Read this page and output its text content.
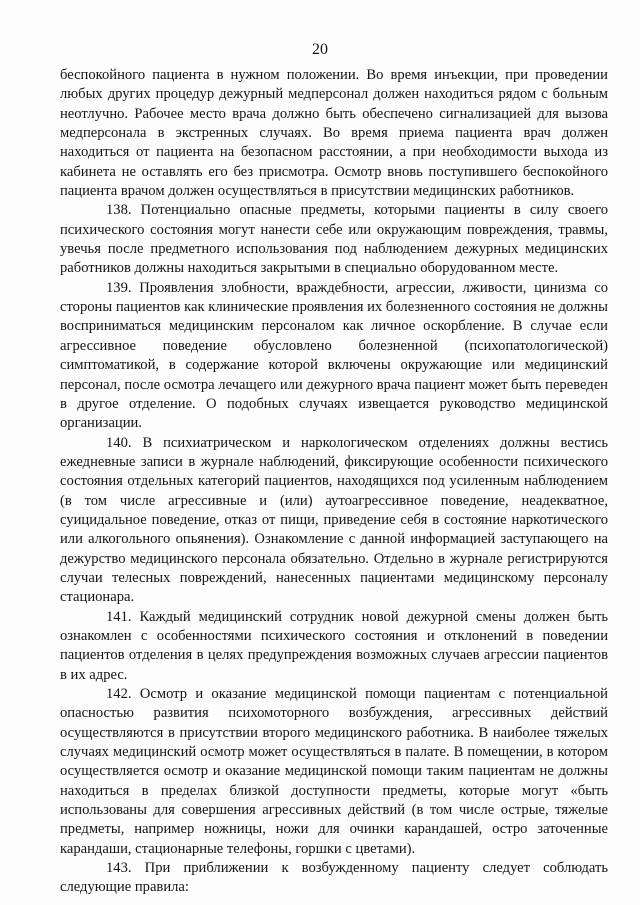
20

беспокойного пациента в нужном положении. Во время инъекции, при проведении любых других процедур дежурный медперсонал должен находиться рядом с больным неотлучно. Рабочее место врача должно быть обеспечено сигнализацией для вызова медперсонала в экстренных случаях. Во время приема пациента врач должен находиться от пациента на безопасном расстоянии, а при необходимости выхода из кабинета не оставлять его без присмотра. Осмотр вновь поступившего беспокойного пациента врачом должен осуществляться в присутствии медицинских работников.

138. Потенциально опасные предметы, которыми пациенты в силу своего психического состояния могут нанести себе или окружающим повреждения, травмы, увечья после предметного использования под наблюдением дежурных медицинских работников должны находиться закрытыми в специально оборудованном месте.

139. Проявления злобности, враждебности, агрессии, лживости, цинизма со стороны пациентов как клинические проявления их болезненного состояния не должны восприниматься медицинским персоналом как личное оскорбление. В случае если агрессивное поведение обусловлено болезненной (психопатологической) симптоматикой, в содержание которой включены окружающие или медицинский персонал, после осмотра лечащего или дежурного врача пациент может быть переведен в другое отделение. О подобных случаях извещается руководство медицинской организации.

140. В психиатрическом и наркологическом отделениях должны вестись ежедневные записи в журнале наблюдений, фиксирующие особенности психического состояния отдельных категорий пациентов, находящихся под усиленным наблюдением (в том числе агрессивные и (или) аутоагрессивное поведение, неадекватное, суицидальное поведение, отказ от пищи, приведение себя в состояние наркотического или алкогольного опьянения). Ознакомление с данной информацией заступающего на дежурство медицинского персонала обязательно. Отдельно в журнале регистрируются случаи телесных повреждений, нанесенных пациентами медицинскому персоналу стационара.

141. Каждый медицинский сотрудник новой дежурной смены должен быть ознакомлен с особенностями психического состояния и отклонений в поведении пациентов отделения в целях предупреждения возможных случаев агрессии пациентов в их адрес.

142. Осмотр и оказание медицинской помощи пациентам с потенциальной опасностью развития психомоторного возбуждения, агрессивных действий осуществляются в присутствии второго медицинского работника. В наиболее тяжелых случаях медицинский осмотр может осуществляться в палате. В помещении, в котором осуществляется осмотр и оказание медицинской помощи таким пациентам не должны находиться в пределах близкой доступности предметы, которые могут «быть использованы для совершения агрессивных действий (в том числе острые, тяжелые предметы, например ножницы, ножи для очинки карандашей, остро заточенные карандаши, стационарные телефоны, горшки с цветами).

143. При приближении к возбужденному пациенту следует соблюдать следующие правила:
